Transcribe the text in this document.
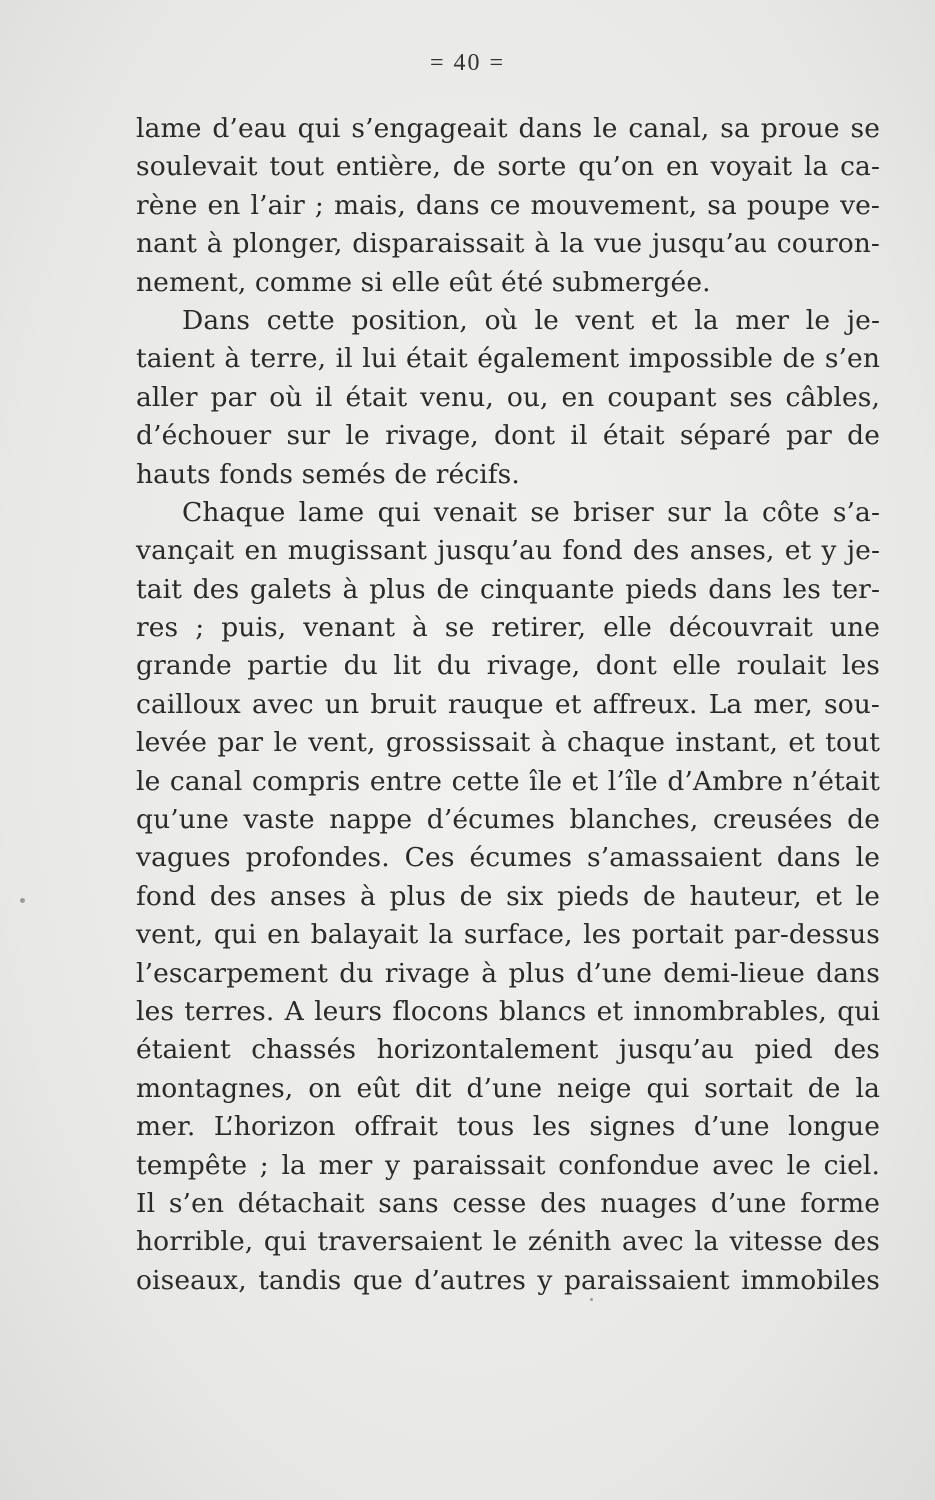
= 40 =
lame d’eau qui s’engageait dans le canal, sa proue se
soulevait tout entière, de sorte qu’on en voyait la ca-
rène en l’air ; mais, dans ce mouvement, sa poupe ve-
nant à plonger, disparaissait à la vue jusqu’au couron-
nement, comme si elle eût été submergée.
Dans cette position, où le vent et la mer le je-
taient à terre, il lui était également impossible de s’en
aller par où il était venu, ou, en coupant ses câbles,
d’échouer sur le rivage, dont il était séparé par de
hauts fonds semés de récifs.
Chaque lame qui venait se briser sur la côte s’a-
vançait en mugissant jusqu’au fond des anses, et y je-
tait des galets à plus de cinquante pieds dans les ter-
res ; puis, venant à se retirer, elle découvrait une
grande partie du lit du rivage, dont elle roulait les
cailloux avec un bruit rauque et affreux. La mer, sou-
levée par le vent, grossissait à chaque instant, et tout
le canal compris entre cette île et l’île d’Ambre n’était
qu’une vaste nappe d’écumes blanches, creusées de
vagues profondes. Ces écumes s’amassaient dans le
fond des anses à plus de six pieds de hauteur, et le
vent, qui en balayait la surface, les portait par-dessus
l’escarpement du rivage à plus d’une demi-lieue dans
les terres. A leurs flocons blancs et innombrables, qui
étaient chassés horizontalement jusqu’au pied des
montagnes, on eût dit d’une neige qui sortait de la
mer. L’horizon offrait tous les signes d’une longue
tempête ; la mer y paraissait confondue avec le ciel.
Il s’en détachait sans cesse des nuages d’une forme
horrible, qui traversaient le zénith avec la vitesse des
oiseaux, tandis que d’autres y paraissaient immobiles
